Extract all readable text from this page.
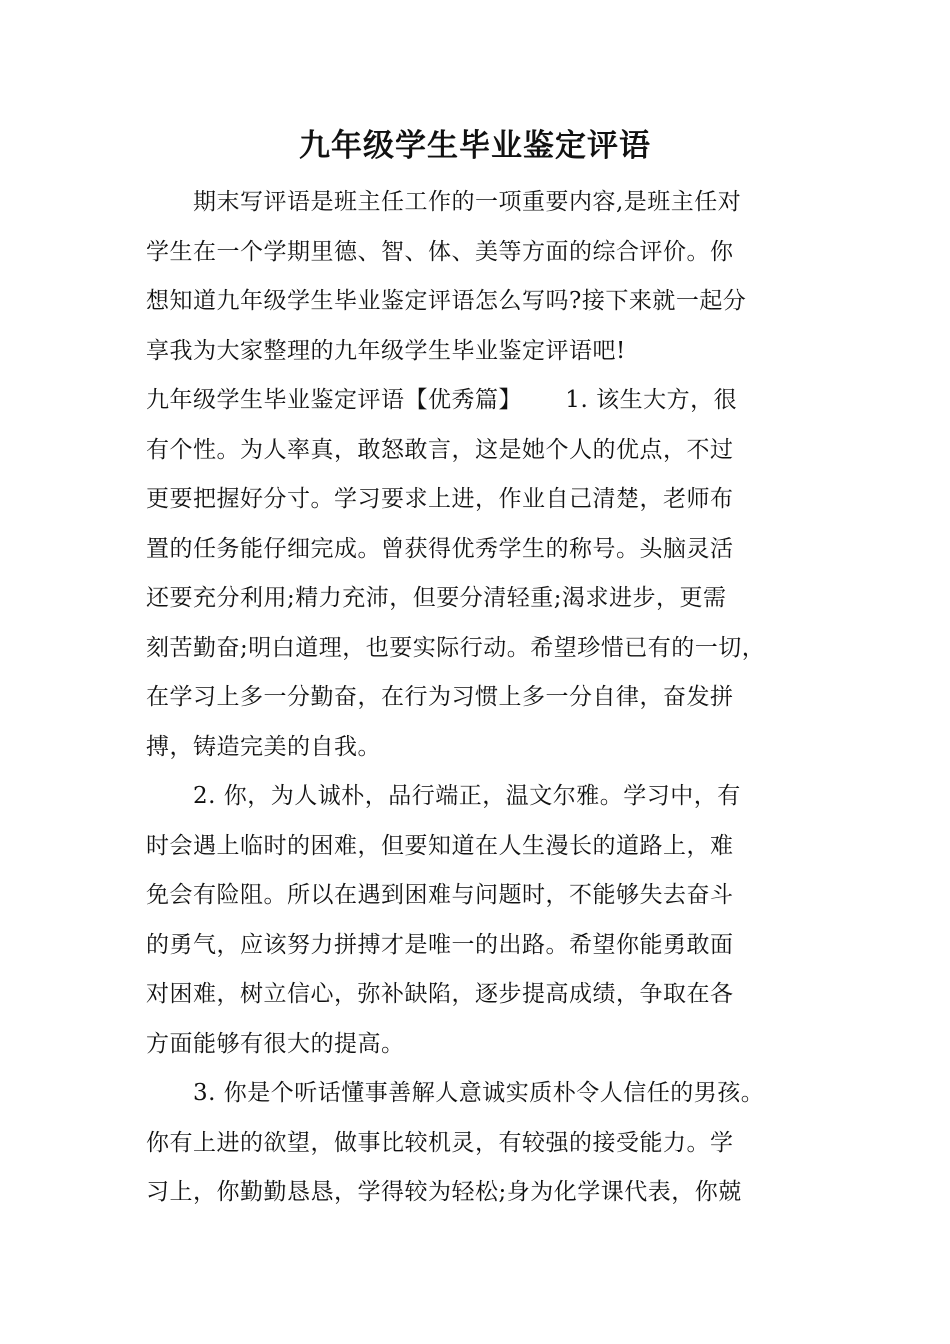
九年级学生毕业鉴定评语
　　期末写评语是班主任工作的一项重要内容,是班主任对
学生在一个学期里德、智、体、美等方面的综合评价。你
想知道九年级学生毕业鉴定评语怎么写吗?接下来就一起分
享我为大家整理的九年级学生毕业鉴定评语吧!
九年级学生毕业鉴定评语【优秀篇】　　 1. 该生大方，很
有个性。为人率真，敢怒敢言，这是她个人的优点，不过
更要把握好分寸。学习要求上进，作业自己清楚，老师布
置的任务能仔细完成。曾获得优秀学生的称号。头脑灵活
还要充分利用;精力充沛，但要分清轻重;渴求进步，更需
刻苦勤奋;明白道理，也要实际行动。希望珍惜已有的一切，
在学习上多一分勤奋，在行为习惯上多一分自律，奋发拼
搏，铸造完美的自我。
　　2. 你，为人诚朴，品行端正，温文尔雅。学习中，有
时会遇上临时的困难，但要知道在人生漫长的道路上，难
免会有险阻。所以在遇到困难与问题时，不能够失去奋斗
的勇气，应该努力拼搏才是唯一的出路。希望你能勇敢面
对困难，树立信心，弥补缺陷，逐步提高成绩，争取在各
方面能够有很大的提高。
　　3. 你是个听话懂事善解人意诚实质朴令人信任的男孩。
你有上进的欲望，做事比较机灵，有较强的接受能力。学
习上，你勤勤恳恳，学得较为轻松;身为化学课代表，你兢
